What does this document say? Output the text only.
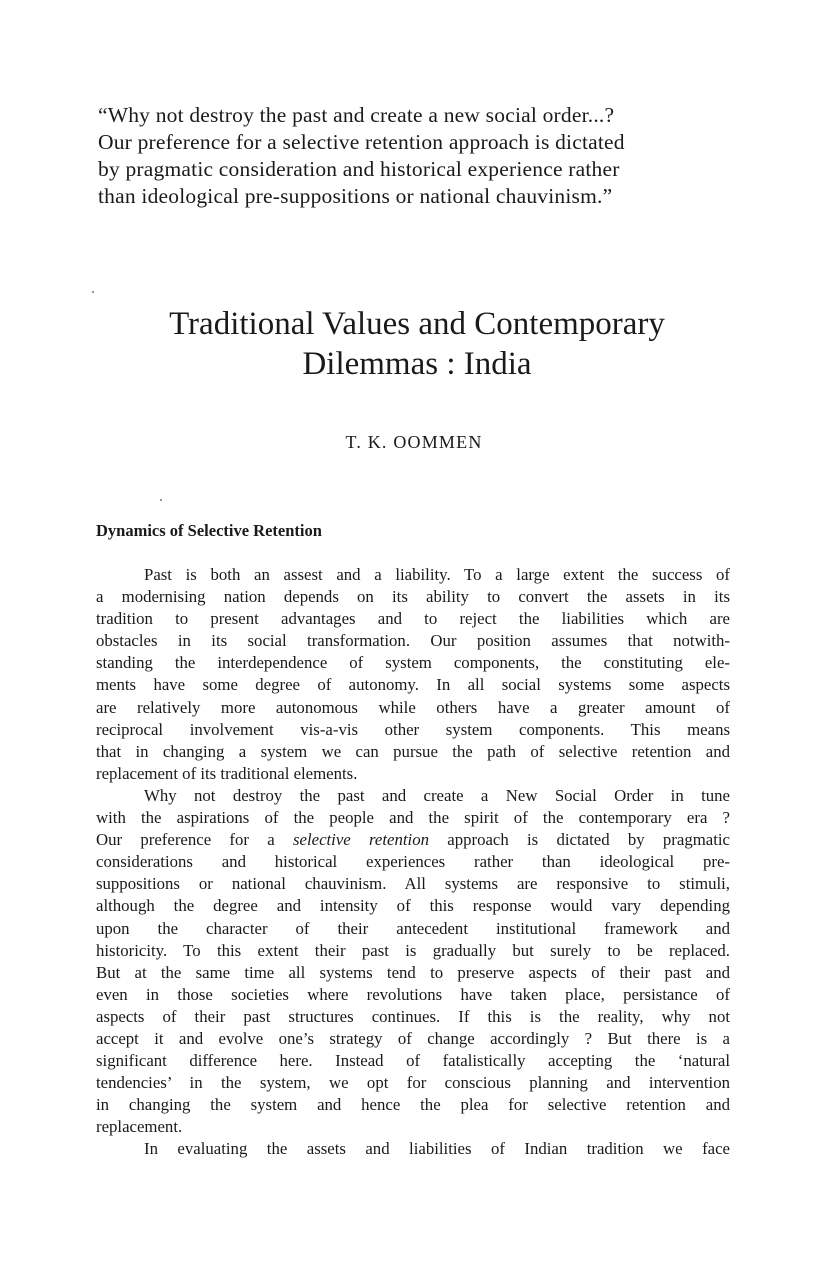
“Why not destroy the past and create a new social order...?
Our preference for a selective retention approach is dictated
by pragmatic consideration and historical experience rather
than ideological pre-suppositions or national chauvinism.”
Traditional Values and Contemporary
Dilemmas : India
T. K. OOMMEN
Dynamics of Selective Retention
Past is both an assest and a liability. To a large extent the success of
a modernising nation depends on its ability to convert the assets in its
tradition to present advantages and to reject the liabilities which are
obstacles in its social transformation. Our position assumes that notwith-
standing the interdependence of system components, the constituting ele-
ments have some degree of autonomy. In all social systems some aspects
are relatively more autonomous while others have a greater amount of
reciprocal involvement vis-a-vis other system components. This means
that in changing a system we can pursue the path of selective retention and
replacement of its traditional elements.
Why not destroy the past and create a New Social Order in tune
with the aspirations of the people and the spirit of the contemporary era ?
Our preference for a selective retention approach is dictated by pragmatic
considerations and historical experiences rather than ideological pre-
suppositions or national chauvinism. All systems are responsive to stimuli,
although the degree and intensity of this response would vary depending
upon the character of their antecedent institutional framework and
historicity. To this extent their past is gradually but surely to be replaced.
But at the same time all systems tend to preserve aspects of their past and
even in those societies where revolutions have taken place, persistance of
aspects of their past structures continues. If this is the reality, why not
accept it and evolve one’s strategy of change accordingly ? But there is a
significant difference here. Instead of fatalistically accepting the ‘natural
tendencies’ in the system, we opt for conscious planning and intervention
in changing the system and hence the plea for selective retention and
replacement.
In evaluating the assets and liabilities of Indian tradition we face
